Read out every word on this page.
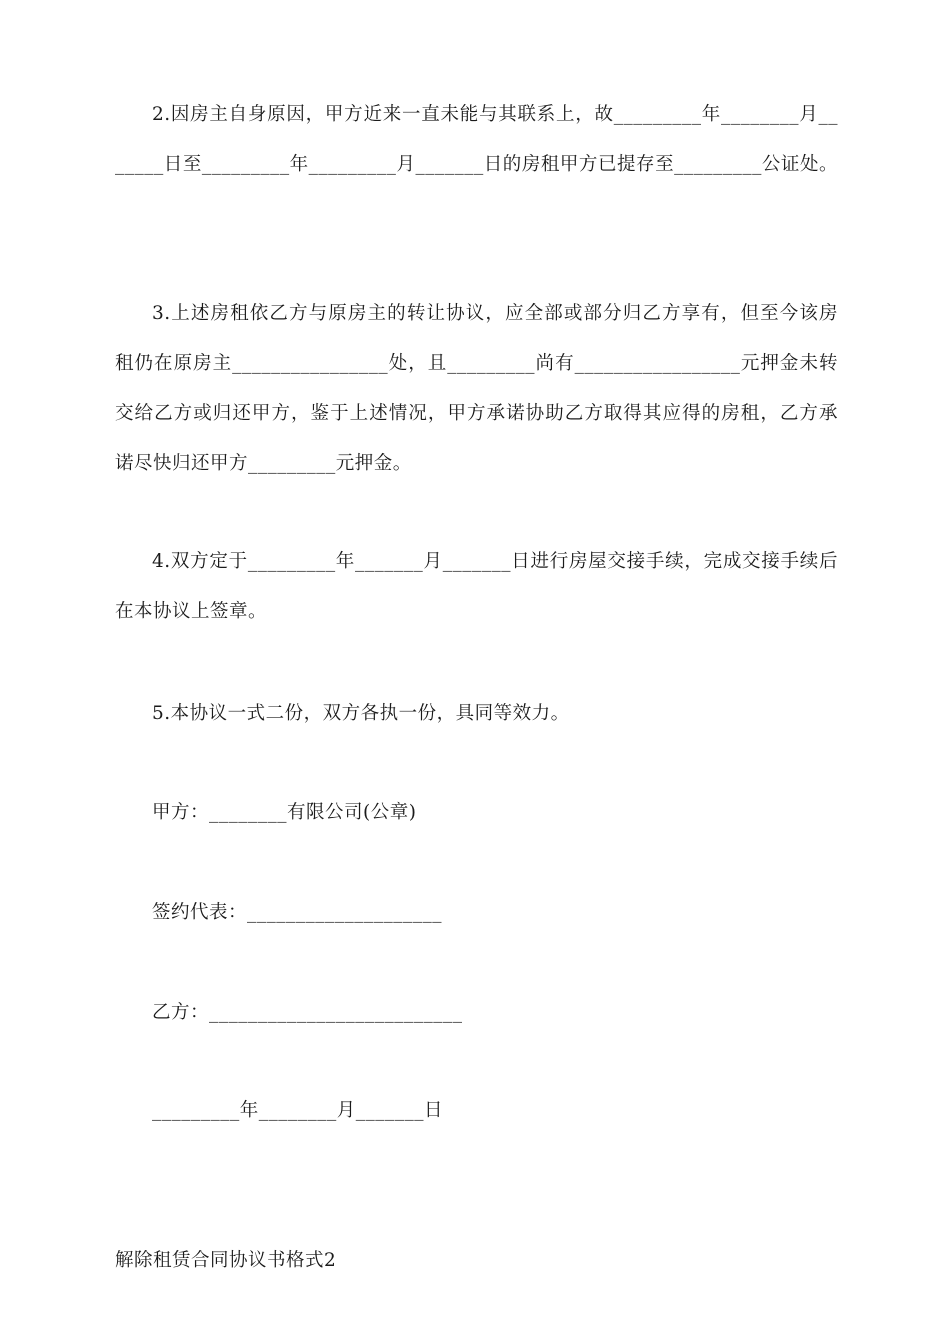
2.因房主自身原因，甲方近来一直未能与其联系上，故_________年________月__
_____日至_________年_________月_______日的房租甲方已提存至_________公证处。
3.上述房租依乙方与原房主的转让协议，应全部或部分归乙方享有，但至今该房
租仍在原房主________________处，且_________尚有_________________元押金未转
交给乙方或归还甲方，鉴于上述情况，甲方承诺协助乙方取得其应得的房租，乙方承
诺尽快归还甲方_________元押金。
4.双方定于_________年_______月_______日进行房屋交接手续，完成交接手续后
在本协议上签章。
5.本协议一式二份，双方各执一份，具同等效力。
甲方：________有限公司(公章)
签约代表：____________________
乙方：__________________________
_________年________月_______日
解除租赁合同协议书格式2
